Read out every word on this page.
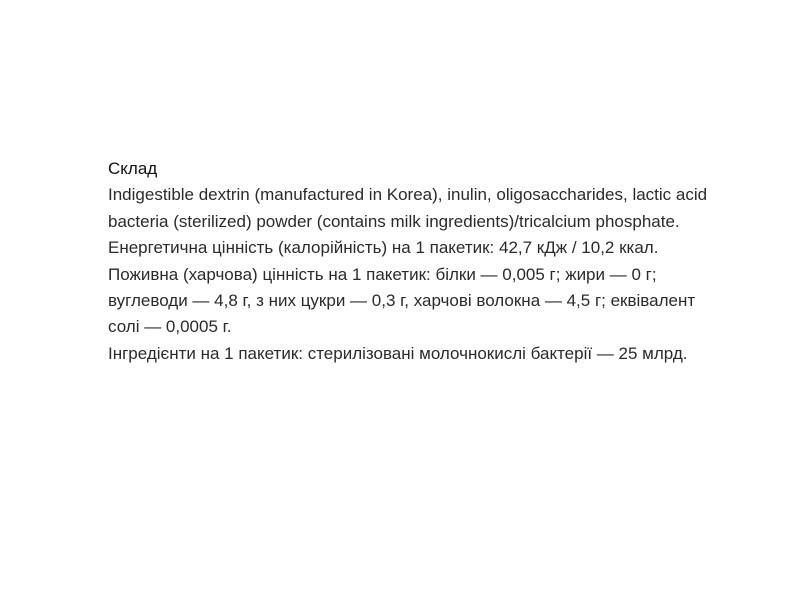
Склад

Indigestible dextrin (manufactured in Korea), inulin, oligosaccharides, lactic acid bacteria (sterilized) powder (contains milk ingredients)/tricalcium phosphate.

Енергетична цінність (калорійність) на 1 пакетик: 42,7 кДж / 10,2 ккал.

Поживна (харчова) цінність на 1 пакетик: білки — 0,005 г; жири — 0 г; вуглеводи — 4,8 г, з них цукри — 0,3 г, харчові волокна — 4,5 г; еквівалент солі — 0,0005 г.

Інгредієнти на 1 пакетик: стерилізовані молочнокислі бактерії — 25 млрд.
